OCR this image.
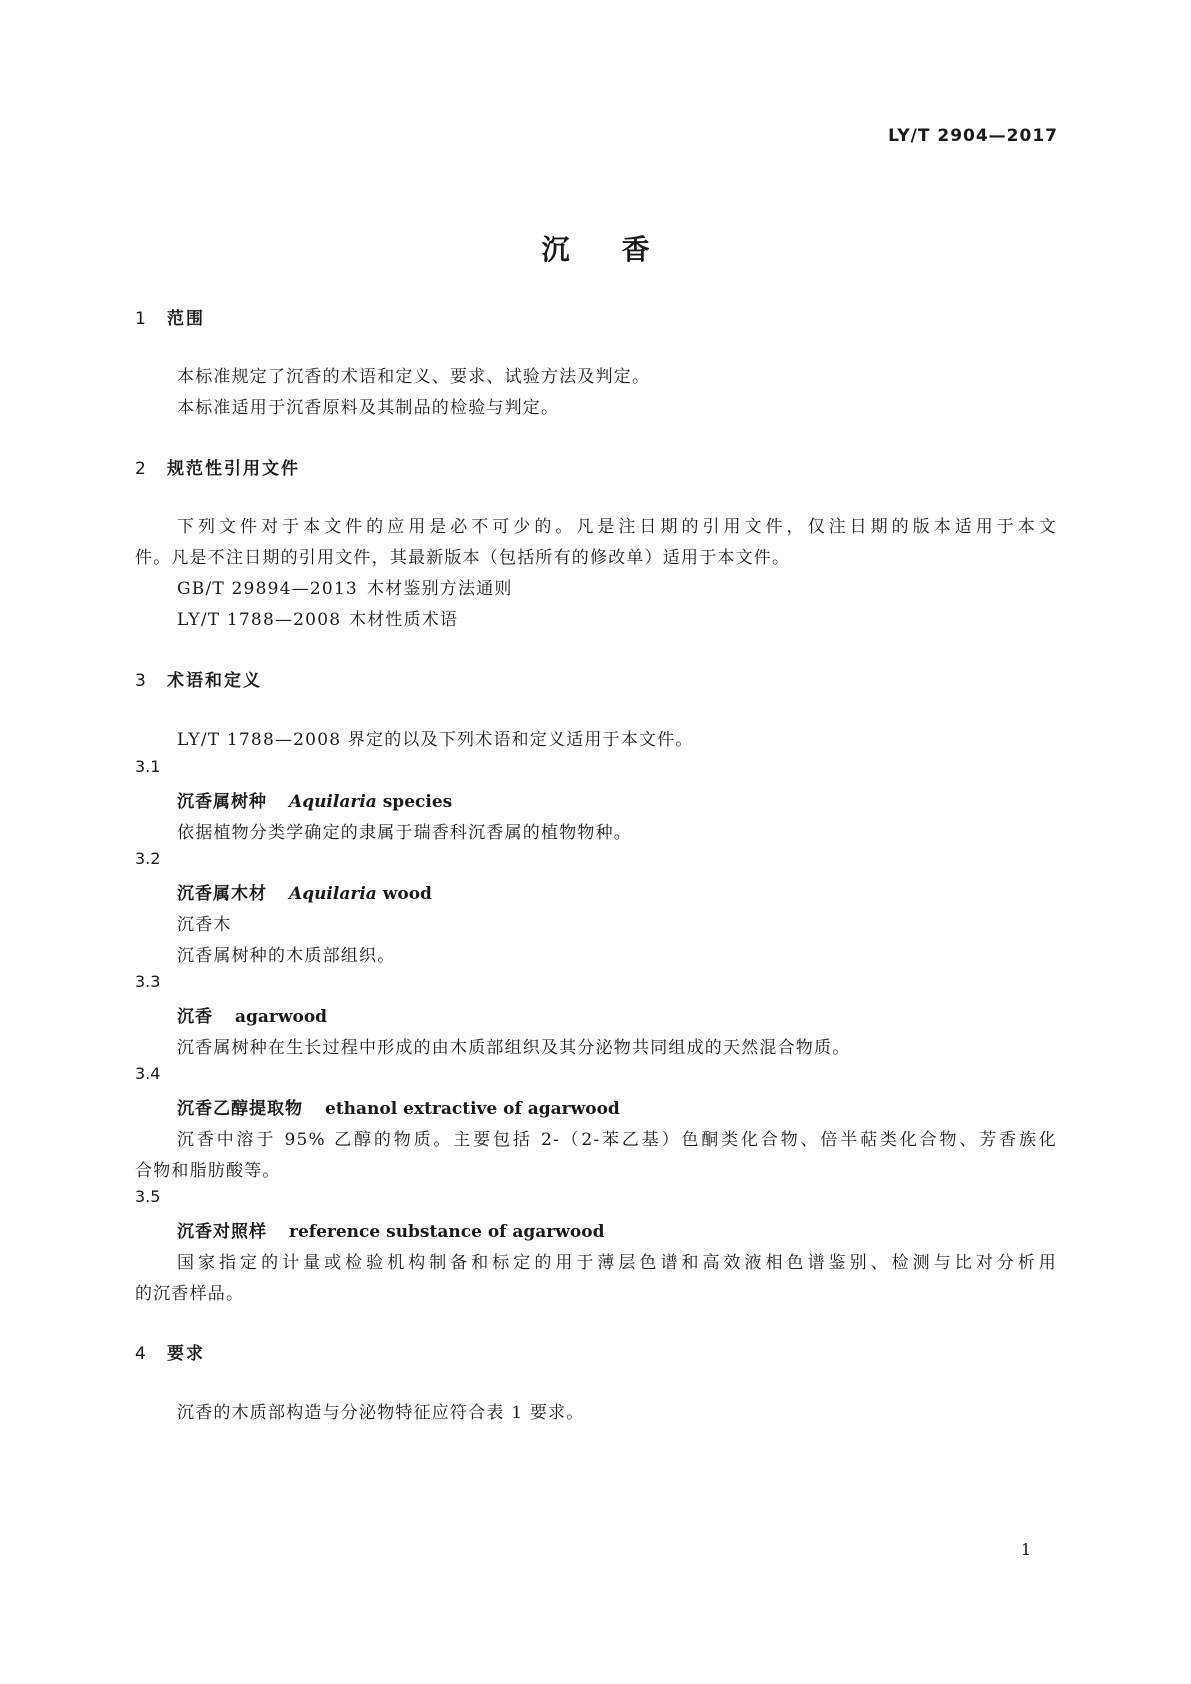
LY/T 2904—2017
沉香
1 范围
本标准规定了沉香的术语和定义、要求、试验方法及判定。
本标准适用于沉香原料及其制品的检验与判定。
2 规范性引用文件
下列文件对于本文件的应用是必不可少的。凡是注日期的引用文件，仅注日期的版本适用于本文
件。凡是不注日期的引用文件，其最新版本（包括所有的修改单）适用于本文件。
GB/T 29894—2013 木材鉴别方法通则
LY/T 1788—2008 木材性质术语
3 术语和定义
LY/T 1788—2008 界定的以及下列术语和定义适用于本文件。
3.1
沉香属树种 Aquilaria species
依据植物分类学确定的隶属于瑞香科沉香属的植物物种。
3.2
沉香属木材 Aquilaria wood
沉香木
沉香属树种的木质部组织。
3.3
沉香 agarwood
沉香属树种在生长过程中形成的由木质部组织及其分泌物共同组成的天然混合物质。
3.4
沉香乙醇提取物 ethanol extractive of agarwood
沉香中溶于 95% 乙醇的物质。主要包括 2-（2-苯乙基）色酮类化合物、倍半萜类化合物、芳香族化
合物和脂肪酸等。
3.5
沉香对照样 reference substance of agarwood
国家指定的计量或检验机构制备和标定的用于薄层色谱和高效液相色谱鉴别、检测与比对分析用
的沉香样品。
4 要求
沉香的木质部构造与分泌物特征应符合表 1 要求。
1
